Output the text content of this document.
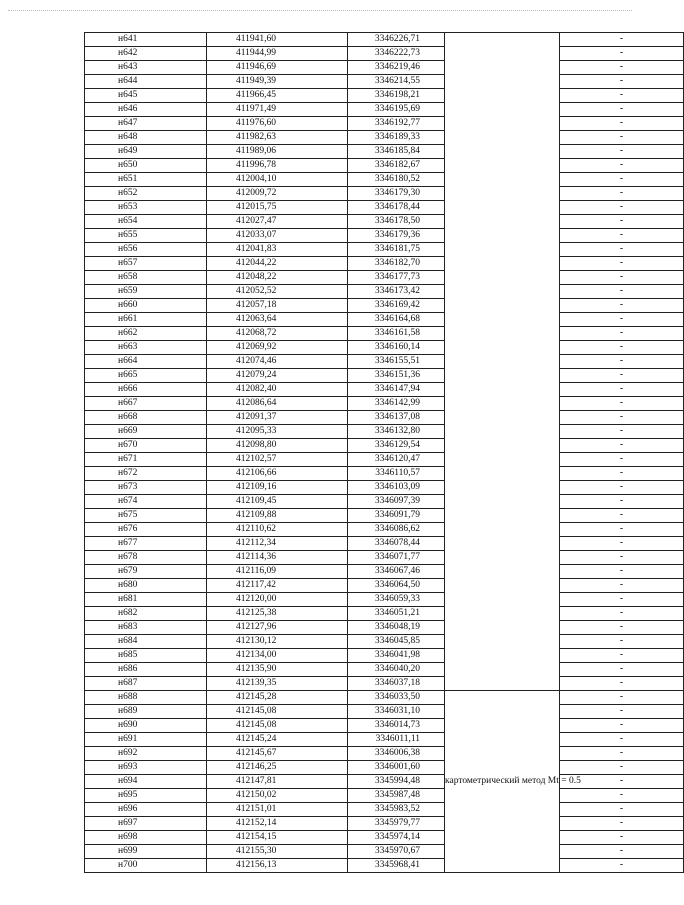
н641	411941,60	3346226,71		-
н642	411944,99	3346222,73		-
н643	411946,69	3346219,46		-
н644	411949,39	3346214,55		-
н645	411966,45	3346198,21		-
н646	411971,49	3346195,69		-
н647	411976,60	3346192,77		-
н648	411982,63	3346189,33		-
н649	411989,06	3346185,84		-
н650	411996,78	3346182,67		-
н651	412004,10	3346180,52		-
н652	412009,72	3346179,30		-
н653	412015,75	3346178,44		-
н654	412027,47	3346178,50		-
н655	412033,07	3346179,36		-
н656	412041,83	3346181,75		-
н657	412044,22	3346182,70		-
н658	412048,22	3346177,73		-
н659	412052,52	3346173,42		-
н660	412057,18	3346169,42		-
н661	412063,64	3346164,68		-
н662	412068,72	3346161,58		-
н663	412069,92	3346160,14		-
н664	412074,46	3346155,51		-
н665	412079,24	3346151,36		-
н666	412082,40	3346147,94		-
н667	412086,64	3346142,99		-
н668	412091,37	3346137,08		-
н669	412095,33	3346132,80		-
н670	412098,80	3346129,54		-
н671	412102,57	3346120,47		-
н672	412106,66	3346110,57		-
н673	412109,16	3346103,09		-
н674	412109,45	3346097,39		-
н675	412109,88	3346091,79		-
н676	412110,62	3346086,62		-
н677	412112,34	3346078,44		-
н678	412114,36	3346071,77		-
н679	412116,09	3346067,46		-
н680	412117,42	3346064,50		-
н681	412120,00	3346059,33		-
н682	412125,38	3346051,21		-
н683	412127,96	3346048,19		-
н684	412130,12	3346045,85		-
н685	412134,00	3346041,98		-
н686	412135,90	3346040,20		-
н687	412139,35	3346037,18		-
н688	412145,28	3346033,50	картометрический метод Mt = 0.5	-
н689	412145,08	3346031,10		-
н690	412145,08	3346014,73		-
н691	412145,24	3346011,11		-
н692	412145,67	3346006,38		-
н693	412146,25	3346001,60		-
н694	412147,81	3345994,48		-
н695	412150,02	3345987,48		-
н696	412151,01	3345983,52		-
н697	412152,14	3345979,77		-
н698	412154,15	3345974,14		-
н699	412155,30	3345970,67		-
н700	412156,13	3345968,41		-
